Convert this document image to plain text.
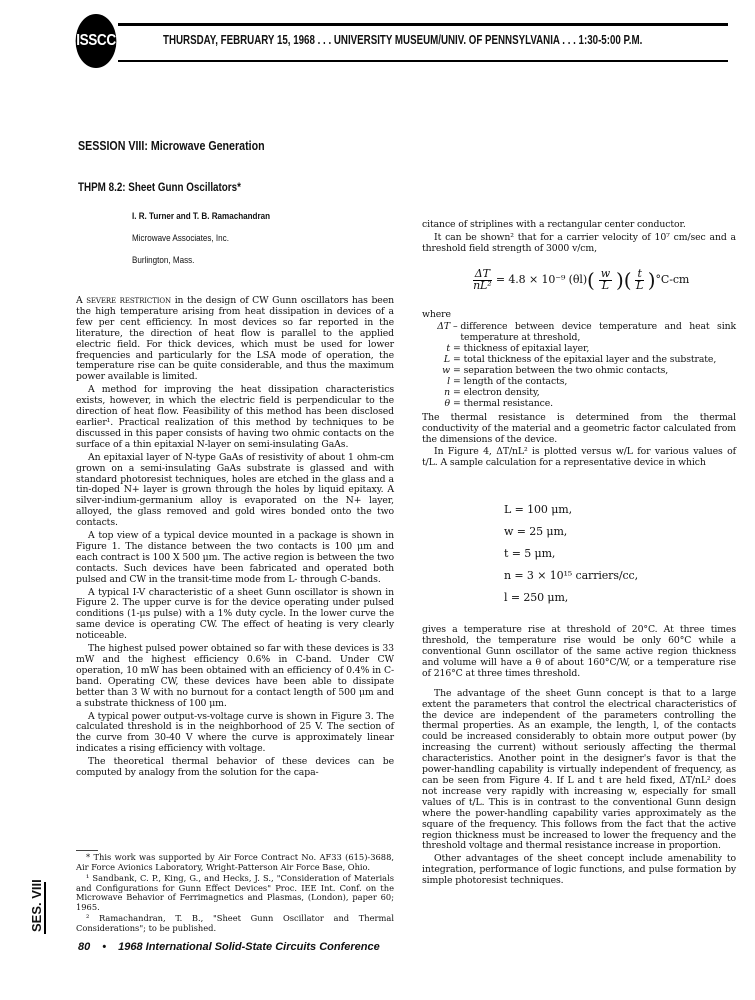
ISSCC	THURSDAY, FEBRUARY 15, 1968 . . . UNIVERSITY MUSEUM/UNIV. OF PENNSYLVANIA . . . 1:30-5:00 P.M.
SESSION VIII: Microwave Generation
THPM 8.2: Sheet Gunn Oscillators*
I. R. Turner and T. B. Ramachandran
Microwave Associates, Inc.
Burlington, Mass.

A severe restriction in the design of CW Gunn oscillators has been the high temperature arising from heat dissipation in devices of a few per cent efficiency. In most devices so far reported in the literature, the direction of heat flow is parallel to the applied electric field. For thick devices, which must be used for lower frequencies and particularly for the LSA mode of operation, the temperature rise can be quite considerable, and thus the maximum power available is limited.

A method for improving the heat dissipation characteristics exists, however, in which the electric field is perpendicular to the direction of heat flow. Feasibility of this method has been disclosed earlier¹. Practical realization of this method by techniques to be discussed in this paper consists of having two ohmic contacts on the surface of a thin epitaxial N-layer on semi-insulating GaAs.

An epitaxial layer of N-type GaAs of resistivity of about 1 ohm-cm grown on a semi-insulating GaAs substrate is glassed and with standard photoresist techniques, holes are etched in the glass and a tin-doped N+ layer is grown through the holes by liquid epitaxy. A silver-indium-germanium alloy is evaporated on the N+ layer, alloyed, the glass removed and gold wires bonded onto the two contacts.

A top view of a typical device mounted in a package is shown in Figure 1. The distance between the two contacts is 100 μm and each contract is 100 X 500 μm. The active region is between the two contacts. Such devices have been fabricated and operated both pulsed and CW in the transit-time mode from L- through C-bands.

A typical I-V characteristic of a sheet Gunn oscillator is shown in Figure 2. The upper curve is for the device operating under pulsed conditions (1-μs pulse) with a 1% duty cycle. In the lower curve the same device is operating CW. The effect of heating is very clearly noticeable.

The highest pulsed power obtained so far with these devices is 33 mW and the highest efficiency 0.6% in C-band. Under CW operation, 10 mW has been obtained with an efficiency of 0.4% in C-band. Operating CW, these devices have been able to dissipate better than 3 W with no burnout for a contact length of 500 μm and a substrate thickness of 100 μm.

A typical power output-vs-voltage curve is shown in Figure 3. The calculated threshold is in the neighborhood of 25 V. The section of the curve from 30-40 V where the curve is approximately linear indicates a rising efficiency with voltage.

The theoretical thermal behavior of these devices can be computed by analogy from the solution for the capa-

* This work was supported by Air Force Contract No. AF33 (615)-3688, Air Force Avionics Laboratory, Wright-Patterson Air Force Base, Ohio.

¹ Sandbank, C. P., King, G., and Hecks, J. S., "Consideration of Materials and Configurations for Gunn Effect Devices" Proc. IEE Int. Conf. on the Microwave Behavior of Ferrimagnetics and Plasmas, (London), paper 60; 1965.

² Ramachandran, T. B., "Sheet Gunn Oscillator and Thermal Considerations"; to be published.

citance of striplines with a rectangular center conductor.

It can be shown² that for a carrier velocity of 10⁷ cm/sec and a threshold field strength of 3000 v/cm,

$\frac{\Delta T}{\text{nL²}} = 4.8 \times 10^{-9}$ (θl) ( $\frac{w}{L}$ ) ( $\frac{t}{L}$ ) °C-cm

where

ΔT –
difference between device temperature and heat sink temperature at threshold,
t =
thickness of epitaxial layer,
L =
total thickness of the epitaxial layer and the substrate,
w =
separation between the two ohmic contacts,
l =
length of the contacts,
n =
electron density,
θ =
thermal resistance.

The thermal resistance is determined from the thermal conductivity of the material and a geometric factor calculated from the dimensions of the device.

In Figure 4, ΔT/nL² is plotted versus w/L for various values of t/L. A sample calculation for a representative device in which

L = 100 μm,
w = 25 μm,
t = 5 μm,
n = 3 × 10¹⁵ carriers/cc,
l = 250 μm,

gives a temperature rise at threshold of 20°C. At three times threshold, the temperature rise would be only 60°C while a conventional Gunn oscillator of the same active region thickness and volume will have a θ of about 160°C/W, or a temperature rise of 216°C at three times threshold.

The advantage of the sheet Gunn concept is that to a large extent the parameters that control the electrical characteristics of the device are independent of the parameters controlling the thermal properties. As an example, the length, l, of the contacts could be increased considerably to obtain more output power (by increasing the current) without seriously affecting the thermal characteristics. Another point in the designer's favor is that the power-handling capability is virtually independent of frequency, as can be seen from Figure 4. If L and t are held fixed, ΔT/nL² does not increase very rapidly with increasing w, especially for small values of t/L. This is in contrast to the conventional Gunn design where the power-handling capability varies approximately as the square of the frequency. This follows from the fact that the active region thickness must be increased to lower the frequency and the threshold voltage and thermal resistance increase in proportion.

Other advantages of the sheet concept include amenability to integration, performance of logic functions, and pulse formation by simple photoresist techniques.

SES. VIII
80 • 1968 International Solid-State Circuits Conference
